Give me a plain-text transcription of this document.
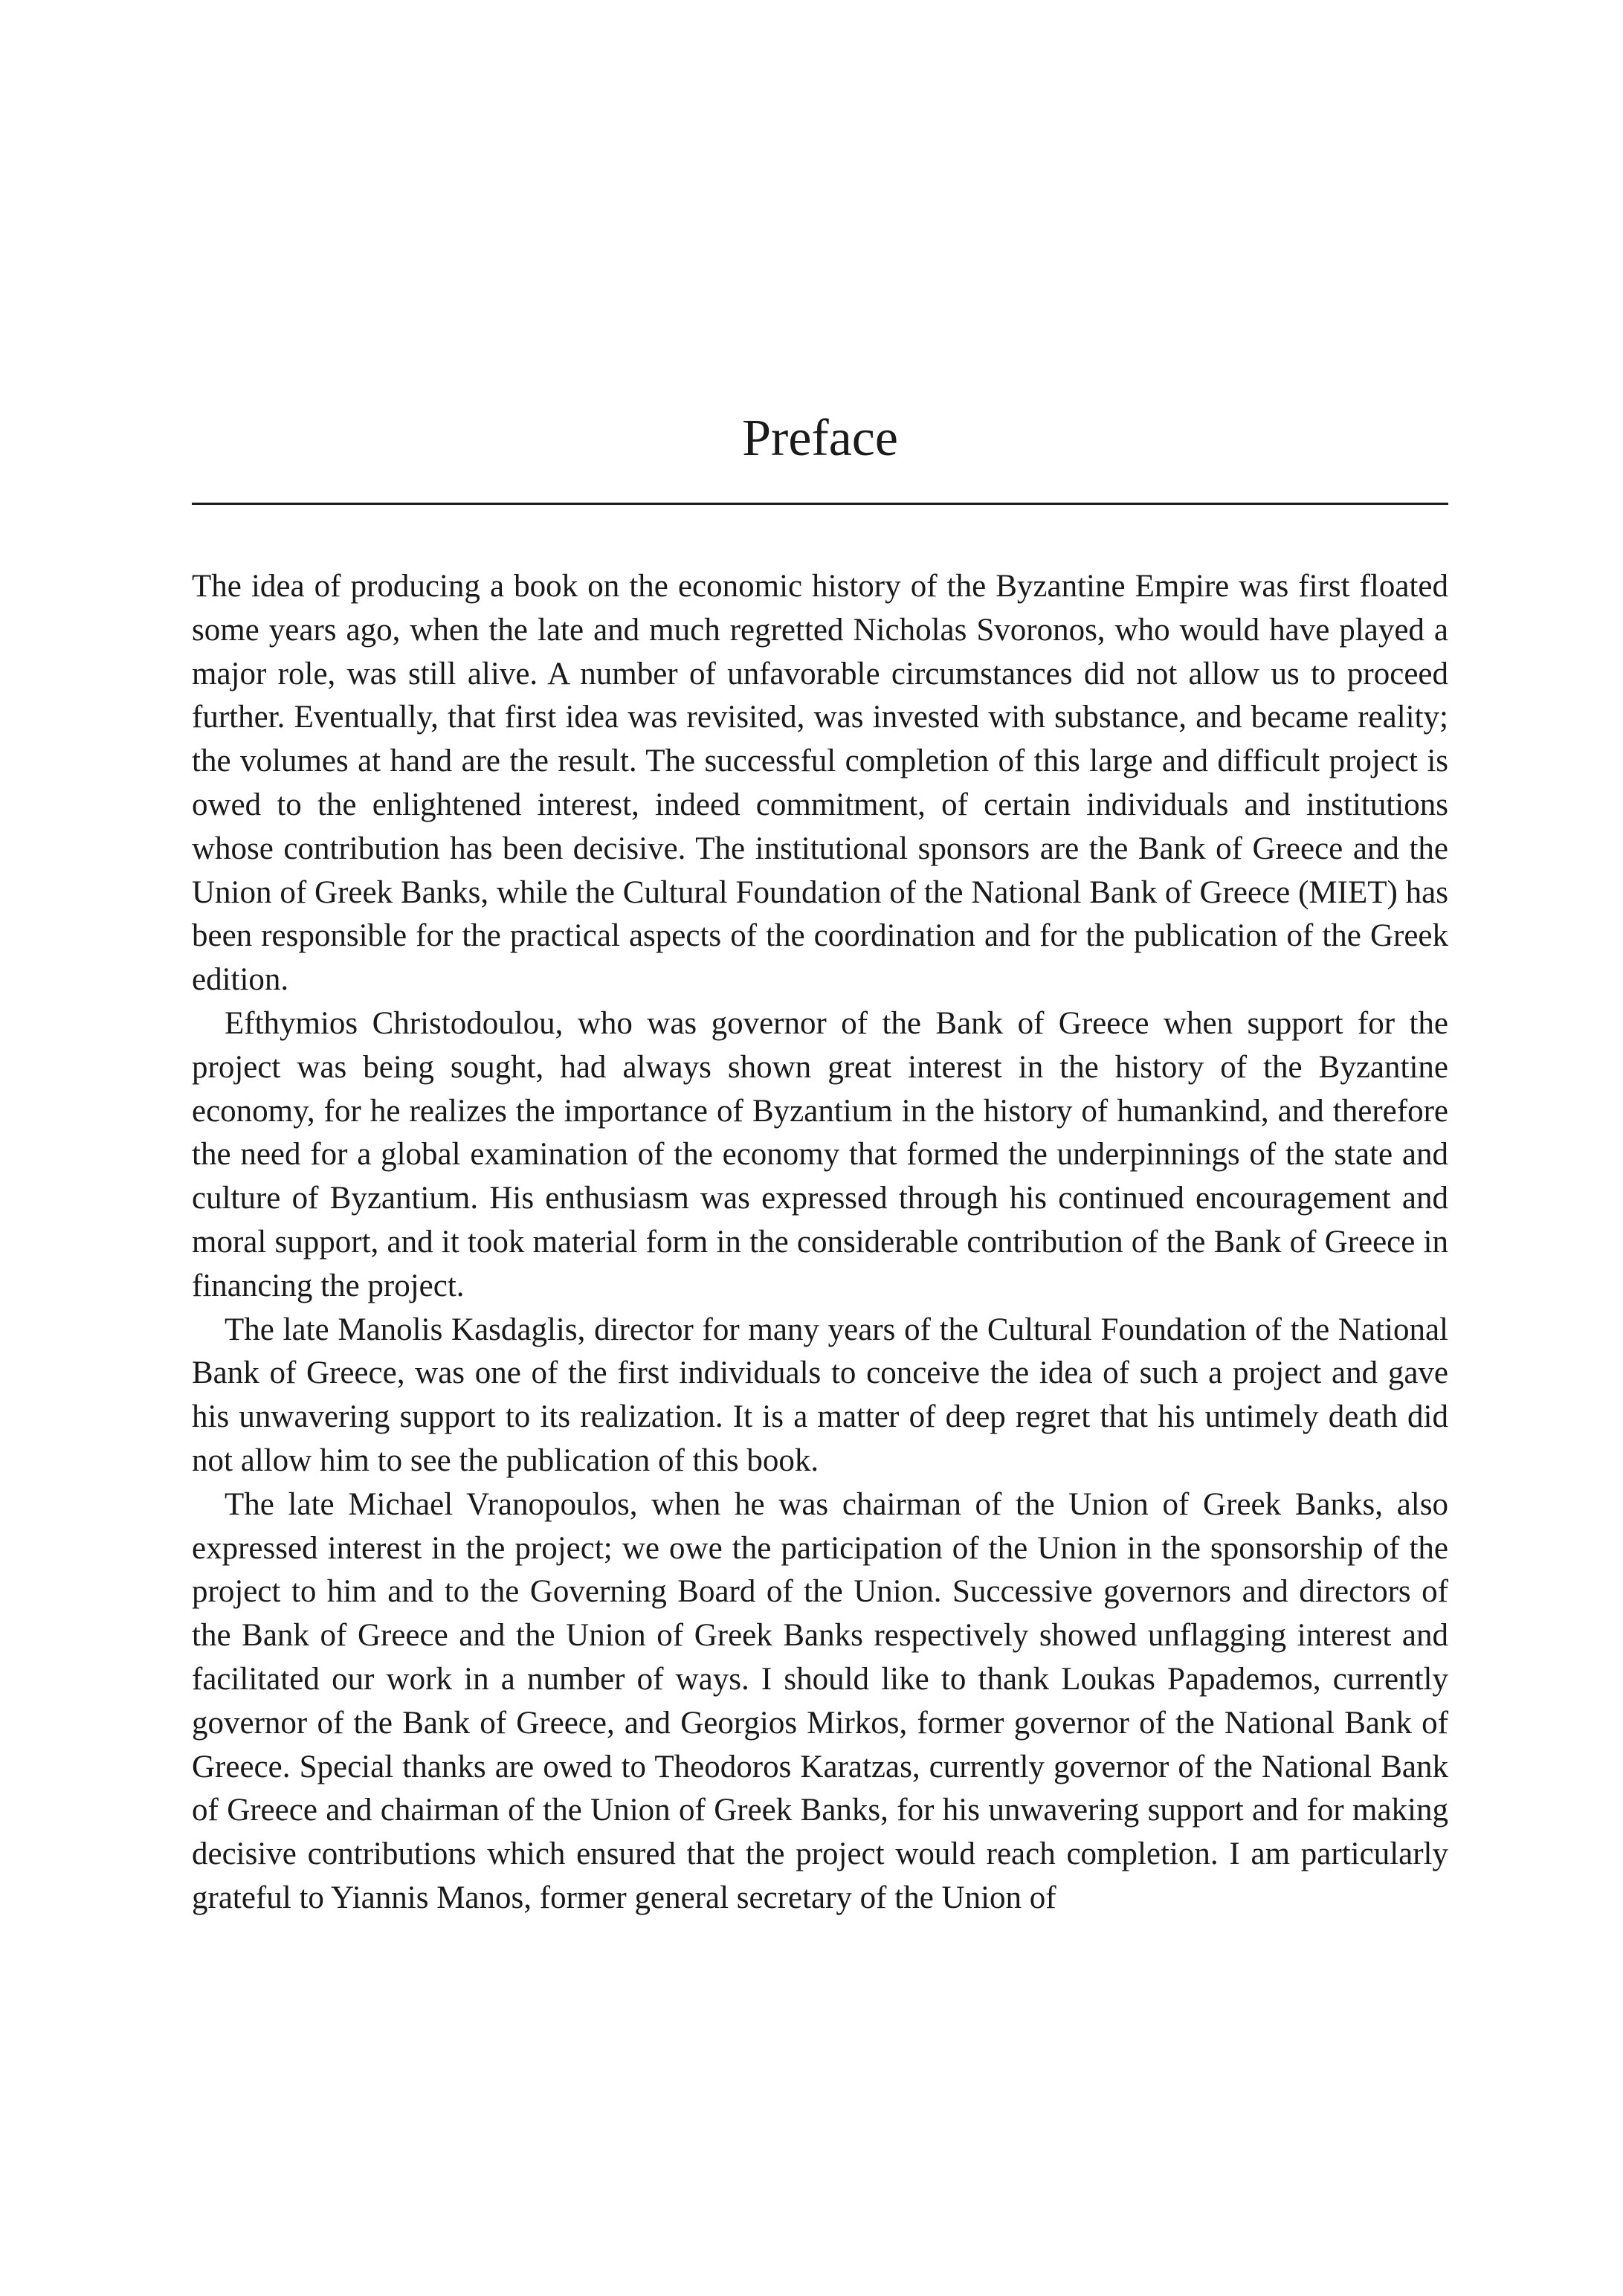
Preface

The idea of producing a book on the economic history of the Byzantine Empire was first floated some years ago, when the late and much regretted Nicholas Svoronos, who would have played a major role, was still alive. A number of unfavorable circumstances did not allow us to proceed further. Eventually, that first idea was revisited, was invested with substance, and became reality; the volumes at hand are the result. The successful completion of this large and difficult project is owed to the enlightened interest, indeed commitment, of certain individuals and institutions whose contribution has been decisive. The institutional sponsors are the Bank of Greece and the Union of Greek Banks, while the Cultural Foundation of the National Bank of Greece (MIET) has been responsible for the practical aspects of the coordination and for the publication of the Greek edition.

Efthymios Christodoulou, who was governor of the Bank of Greece when support for the project was being sought, had always shown great interest in the history of the Byzantine economy, for he realizes the importance of Byzantium in the history of humankind, and therefore the need for a global examination of the economy that formed the underpinnings of the state and culture of Byzantium. His enthusiasm was expressed through his continued encouragement and moral support, and it took material form in the considerable contribution of the Bank of Greece in financing the project.

The late Manolis Kasdaglis, director for many years of the Cultural Foundation of the National Bank of Greece, was one of the first individuals to conceive the idea of such a project and gave his unwavering support to its realization. It is a matter of deep regret that his untimely death did not allow him to see the publication of this book.

The late Michael Vranopoulos, when he was chairman of the Union of Greek Banks, also expressed interest in the project; we owe the participation of the Union in the sponsorship of the project to him and to the Governing Board of the Union. Successive governors and directors of the Bank of Greece and the Union of Greek Banks respectively showed unflagging interest and facilitated our work in a number of ways. I should like to thank Loukas Papademos, currently governor of the Bank of Greece, and Georgios Mirkos, former governor of the National Bank of Greece. Special thanks are owed to Theodoros Karatzas, currently governor of the National Bank of Greece and chairman of the Union of Greek Banks, for his unwavering support and for making decisive contributions which ensured that the project would reach completion. I am particularly grateful to Yiannis Manos, former general secretary of the Union of
